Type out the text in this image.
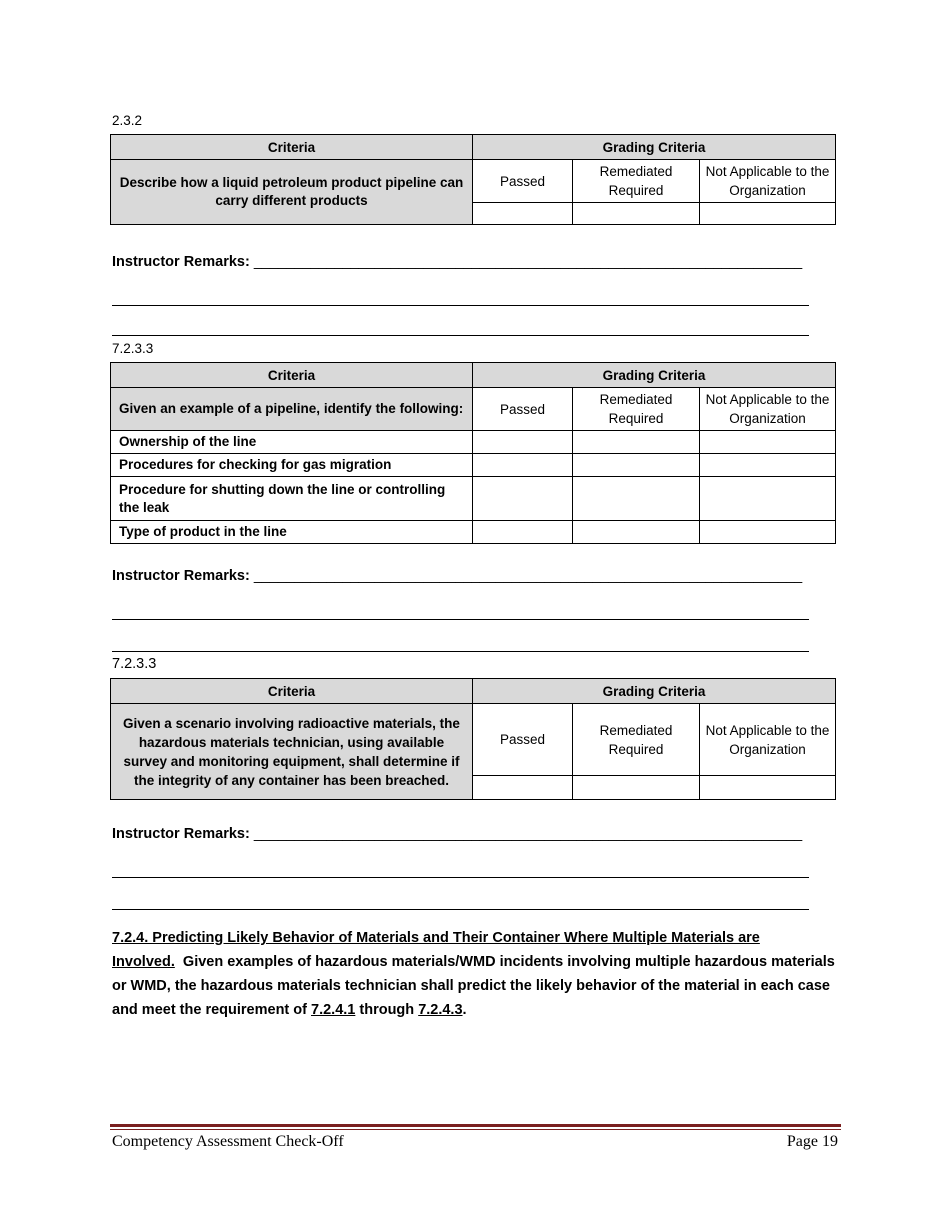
2.3.2
Criteria	Grading Criteria		
Describe how a liquid petroleum product pipeline can carry different products	Passed	Remediated Required	Not Applicable to the Organization

Instructor Remarks: ____________________________________________________________________
7.2.3.3
Criteria	Grading Criteria		
Given an example of a pipeline, identify the following:	Passed	Remediated Required	Not Applicable to the Organization
Ownership of the line			
Procedures for checking for gas migration			
Procedure for shutting down the line or controlling the leak			
Type of product in the line			
Instructor Remarks: ____________________________________________________________________
7.2.3.3
Criteria	Grading Criteria		
Given a scenario involving radioactive materials, the hazardous materials technician, using available survey and monitoring equipment, shall determine if the integrity of any container has been breached.	Passed	Remediated Required	Not Applicable to the Organization

Instructor Remarks: ____________________________________________________________________
7.2.4. Predicting Likely Behavior of Materials and Their Container Where Multiple Materials are Involved. Given examples of hazardous materials/WMD incidents involving multiple hazardous materials or WMD, the hazardous materials technician shall predict the likely behavior of the material in each case and meet the requirement of 7.2.4.1 through 7.2.4.3.
Competency Assessment Check-Off	Page 19
